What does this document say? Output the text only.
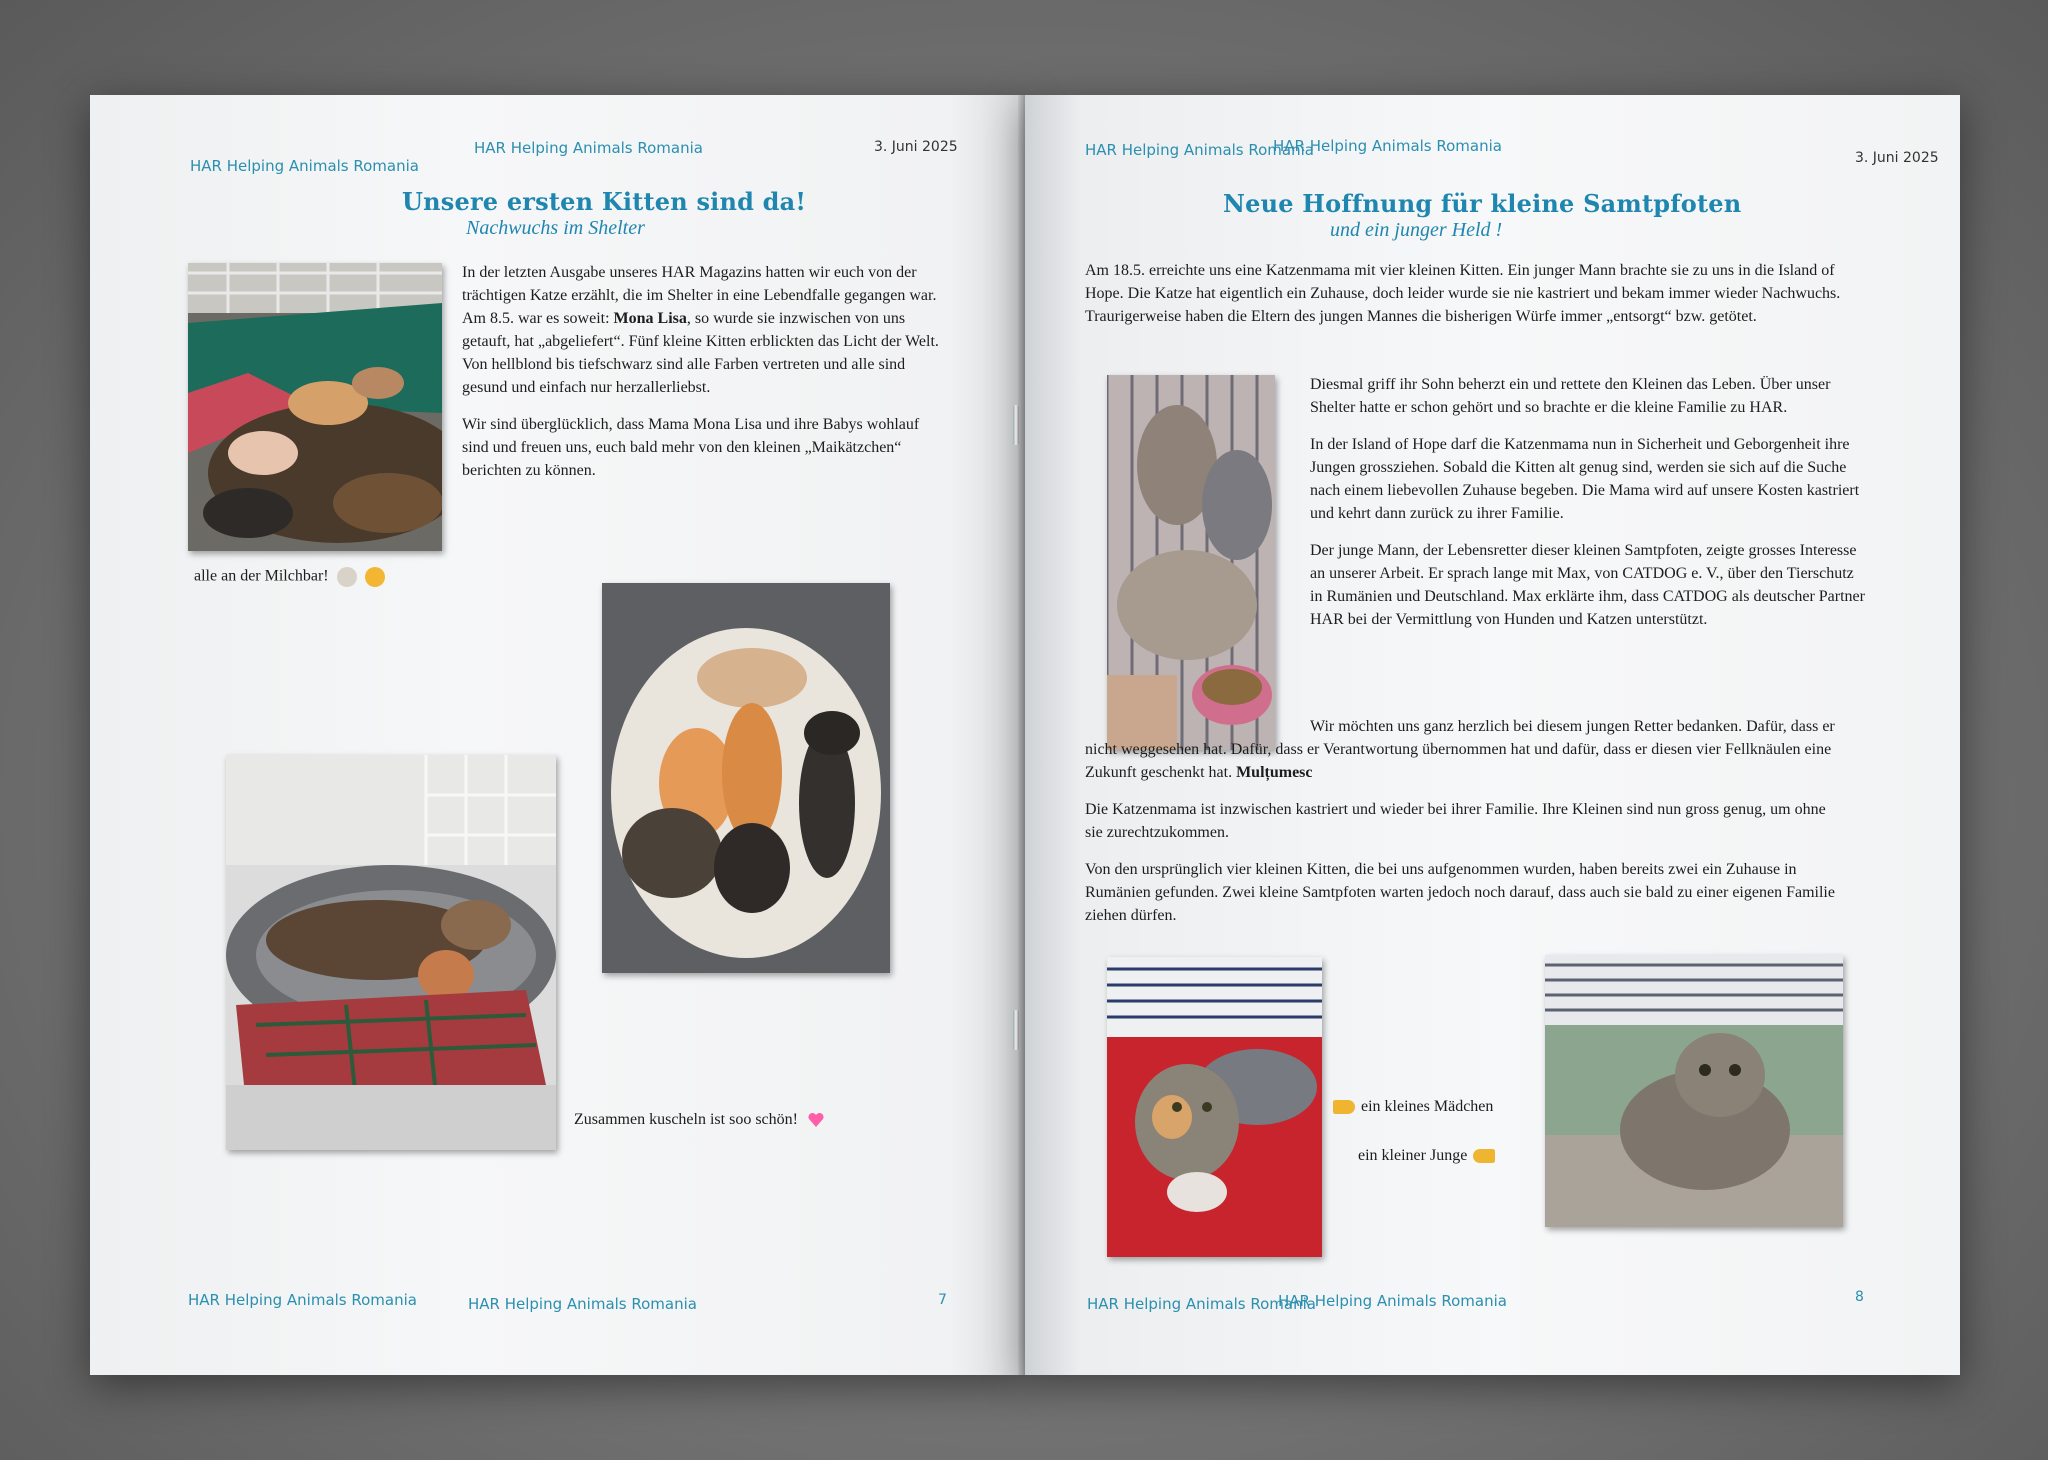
HAR Helping Animals Romania
HAR Helping Animals Romania	3. Juni 2025
Unsere ersten Kitten sind da!
Nachwuchs im Shelter
alle an der Milchbar!

In der letzten Ausgabe unseres HAR Magazins hatten wir euch von der trächtigen Katze erzählt, die im Shelter in eine Lebendfalle gegangen war. Am 8.5. war es soweit: Mona Lisa, so wurde sie inzwischen von uns getauft, hat „abgeliefert“. Fünf kleine Kitten erblickten das Licht der Welt. Von hellblond bis tiefschwarz sind alle Farben vertreten und alle sind gesund und einfach nur herzallerliebst.

Wir sind überglücklich, dass Mama Mona Lisa und ihre Babys wohlauf sind und freuen uns, euch bald mehr von den kleinen „Maikätzchen“ berichten zu können.

Zusammen kuscheln ist soo schön!
HAR Helping Animals Romania	HAR Helping Animals Romania	7
HAR Helping Animals Romania
HAR Helping Animals Romania
3. Juni 2025
Neue Hoffnung für kleine Samtpfoten
und ein junger Held !
Am 18.5. erreichte uns eine Katzenmama mit vier kleinen Kitten. Ein junger Mann brachte sie zu uns in die Island of Hope. Die Katze hat eigentlich ein Zuhause, doch leider wurde sie nie kastriert und bekam immer wieder Nachwuchs. Traurigerweise haben die Eltern des jungen Mannes die bisherigen Würfe immer „entsorgt“ bzw. getötet.

Diesmal griff ihr Sohn beherzt ein und rettete den Kleinen das Leben. Über unser Shelter hatte er schon gehört und so brachte er die kleine Familie zu HAR.

In der Island of Hope darf die Katzenmama nun in Sicherheit und Geborgenheit ihre Jungen grossziehen. Sobald die Kitten alt genug sind, werden sie sich auf die Suche nach einem liebevollen Zuhause begeben. Die Mama wird auf unsere Kosten kastriert und kehrt dann zurück zu ihrer Familie.

Der junge Mann, der Lebensretter dieser kleinen Samtpfoten, zeigte grosses Interesse an unserer Arbeit. Er sprach lange mit Max, von CATDOG e. V., über den Tierschutz in Rumänien und Deutschland. Max erklärte ihm, dass CATDOG als deutscher Partner HAR bei der Vermittlung von Hunden und Katzen unterstützt.

Wir möchten uns ganz herzlich bei diesem jungen Retter bedanken. Dafür, dass er nicht weggesehen hat. Dafür, dass er Verantwortung übernommen hat und dafür, dass er diesen vier Fellknäulen eine Zukunft geschenkt hat. Mulțumesc

Die Katzenmama ist inzwischen kastriert und wieder bei ihrer Familie. Ihre Kleinen sind nun gross genug, um ohne sie zurechtzukommen.

Von den ursprünglich vier kleinen Kitten, die bei uns aufgenommen wurden, haben bereits zwei ein Zuhause in Rumänien gefunden. Zwei kleine Samtpfoten warten jedoch noch darauf, dass auch sie bald zu einer eigenen Familie ziehen dürfen.

ein kleines Mädchen
ein kleiner Junge
HAR Helping Animals Romania
HAR Helping Animals Romania	8
